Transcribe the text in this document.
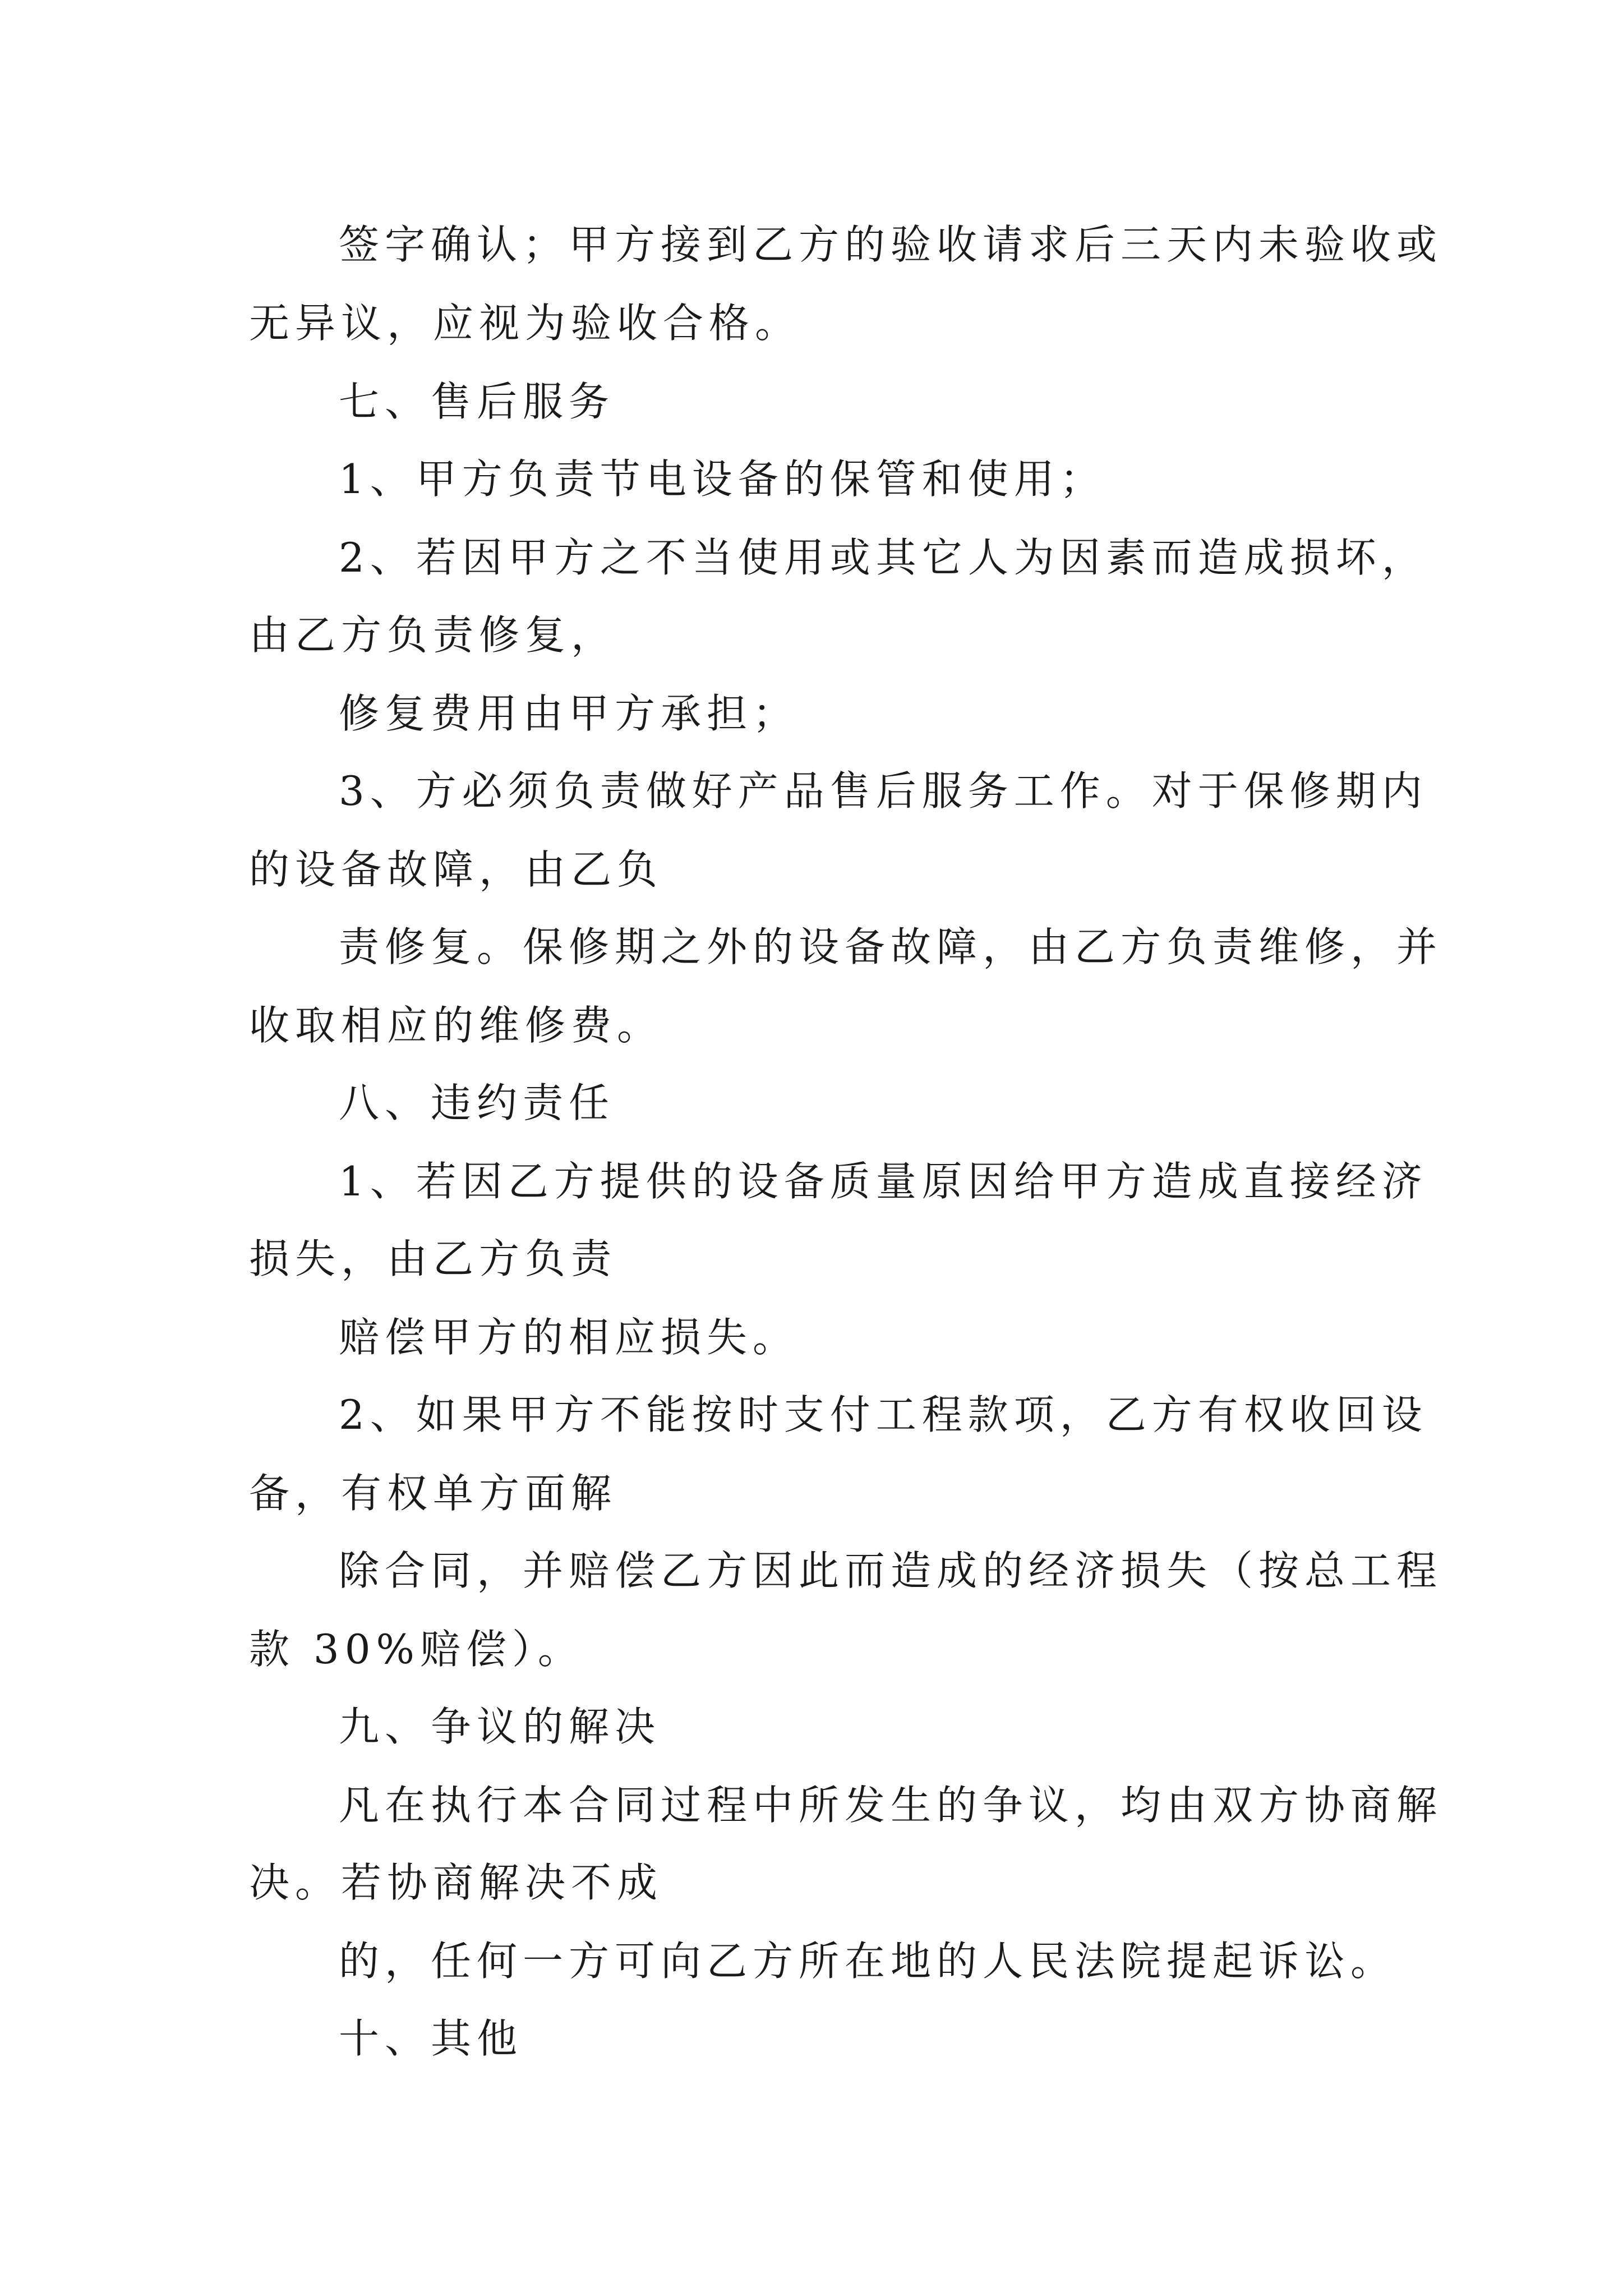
签字确认；甲方接到乙方的验收请求后三天内未验收或
无异议，应视为验收合格。
七、售后服务
1、甲方负责节电设备的保管和使用；
2、若因甲方之不当使用或其它人为因素而造成损坏，
由乙方负责修复，
修复费用由甲方承担；
3、方必须负责做好产品售后服务工作。对于保修期内
的设备故障，由乙负
责修复。保修期之外的设备故障，由乙方负责维修，并
收取相应的维修费。
八、违约责任
1、若因乙方提供的设备质量原因给甲方造成直接经济
损失，由乙方负责
赔偿甲方的相应损失。
2、如果甲方不能按时支付工程款项，乙方有权收回设
备，有权单方面解
除合同，并赔偿乙方因此而造成的经济损失（按总工程
款 30%赔偿）。
九、争议的解决
凡在执行本合同过程中所发生的争议，均由双方协商解
决。若协商解决不成
的，任何一方可向乙方所在地的人民法院提起诉讼。
十、其他
